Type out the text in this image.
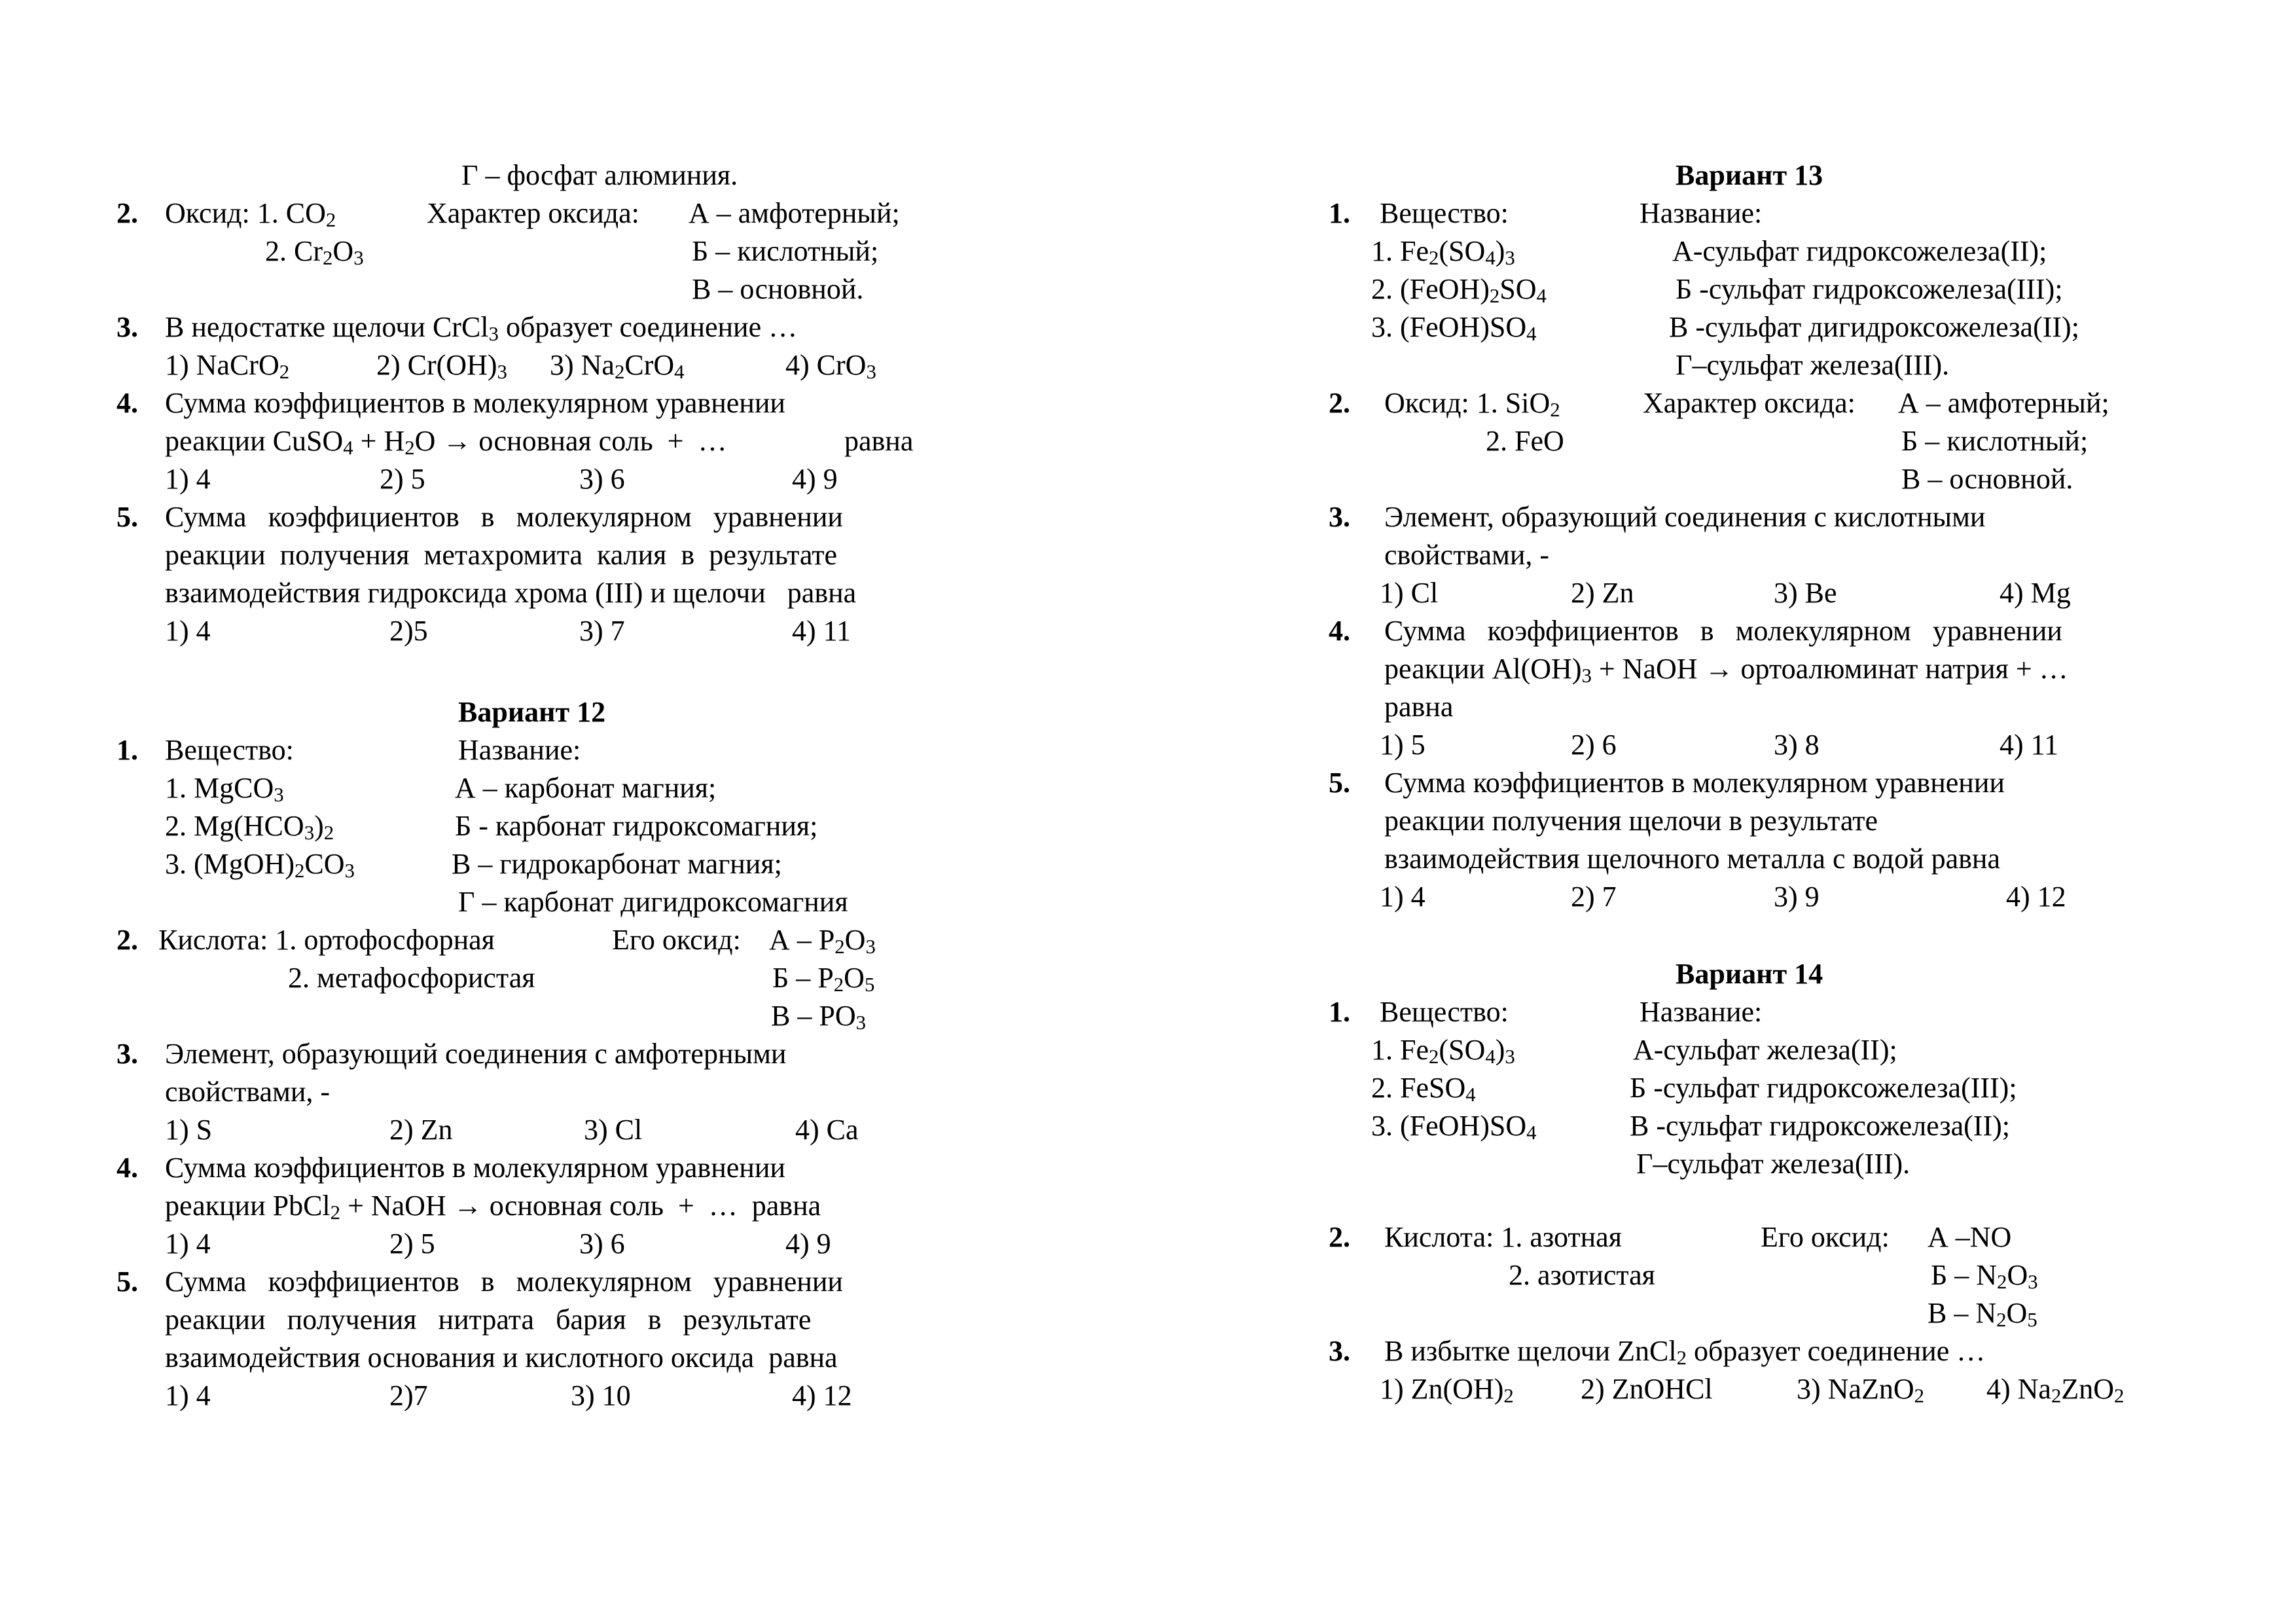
Г – фосфат алюминия.
2. Оксид: 1. $CO_2$	Характер оксида: А – амфотерный;
2. $Cr_2O_3$	Б – кислотный;
В – основной.
3. В недостатке щелочи CrCl$_3$ образует соединение …
1) NaCrO$_2$	2) $Cr(OH)_3$ 3) $Na_2CrO_4$	4) CrO$_3$
4. Сумма коэффициентов в молекулярном уравнении
реакции CuSO$_4$ + $H_2O$ → основная соль  +  …	равна
1) 4	2) 5	3) 6	4) 9
5. Сумма   коэффициентов   в   молекулярном   уравнении
реакции  получения  метахромита  калия  в  результате
взаимодействия гидроксида хрома (III) и щелочи   равна
1) 4	2)5	3) 7	4) 11
Вариант 12
1. Вещество:	Название:
1. MgCO$_3$	А – карбонат магния;
2. $Mg(HCO_3)_2$	Б - карбонат гидроксомагния;
3. $(MgOH)_2CO_3$	В – гидрокарбонат магния;
Г – карбонат дигидроксомагния
2. Кислота: 1. ортофосфорная	Его оксид: А – $P_2O_3$
2. метафосфористая	Б – $P_2O_5$
В – $PO_3$
3. Элемент, образующий соединения с амфотерными
свойствами, -
1) S	2) Zn	3) Cl	4) Ca
4. Сумма коэффициентов в молекулярном уравнении
реакции PbCl$_2$ + NaOH → основная соль  +  …  равна
1) 4	2) 5	3) 6	4) 9
5. Сумма   коэффициентов   в   молекулярном   уравнении
реакции   получения   нитрата   бария   в   результате
взаимодействия основания и кислотного оксида  равна
1) 4	2)7	3) 10	4) 12
Вариант 13
1. Вещество:	Название:
1. $Fe_2(SO_4)_3$	А-сульфат гидроксожелеза(II);
2. $(FeOH)_2SO_4$	Б -сульфат гидроксожелеза(III);
3. $(FeOH)SO_4$	В -сульфат дигидроксожелеза(II);
Г–сульфат железа(III).
2. Оксид: 1. SiO$_2$	Характер оксида: А – амфотерный;
2. FeO	Б – кислотный;
В – основной.
3. Элемент, образующий соединения с кислотными
свойствами, -
1) Cl	2) Zn	3) Be	4) Mg
4. Сумма   коэффициентов   в   молекулярном   уравнении
реакции $Al(OH)_3$ + NaOH → ортоалюминат натрия + …
равна
1) 5	2) 6	3) 8	4) 11
5. Сумма коэффициентов в молекулярном уравнении
реакции получения щелочи в результате
взаимодействия щелочного металла с водой равна
1) 4	2) 7	3) 9	4) 12
Вариант 14
1. Вещество:	Название:
1. $Fe_2(SO_4)_3$	А-сульфат железа(II);
2. FeSO$_4$	Б -сульфат гидроксожелеза(III);
3. $(FeOH)SO_4$	В -сульфат гидроксожелеза(II);
Г–сульфат железа(III).
2. Кислота: 1. азотная	Его оксид: А –NO
2. азотистая	Б – $N_2O_3$
В – $N_2O_5$
3. В избытке щелочи ZnCl$_2$ образует соединение …
1) $Zn(OH)_2$ 2) ZnOHCl	3) NaZnO$_2$ 4) $Na_2ZnO_2$
